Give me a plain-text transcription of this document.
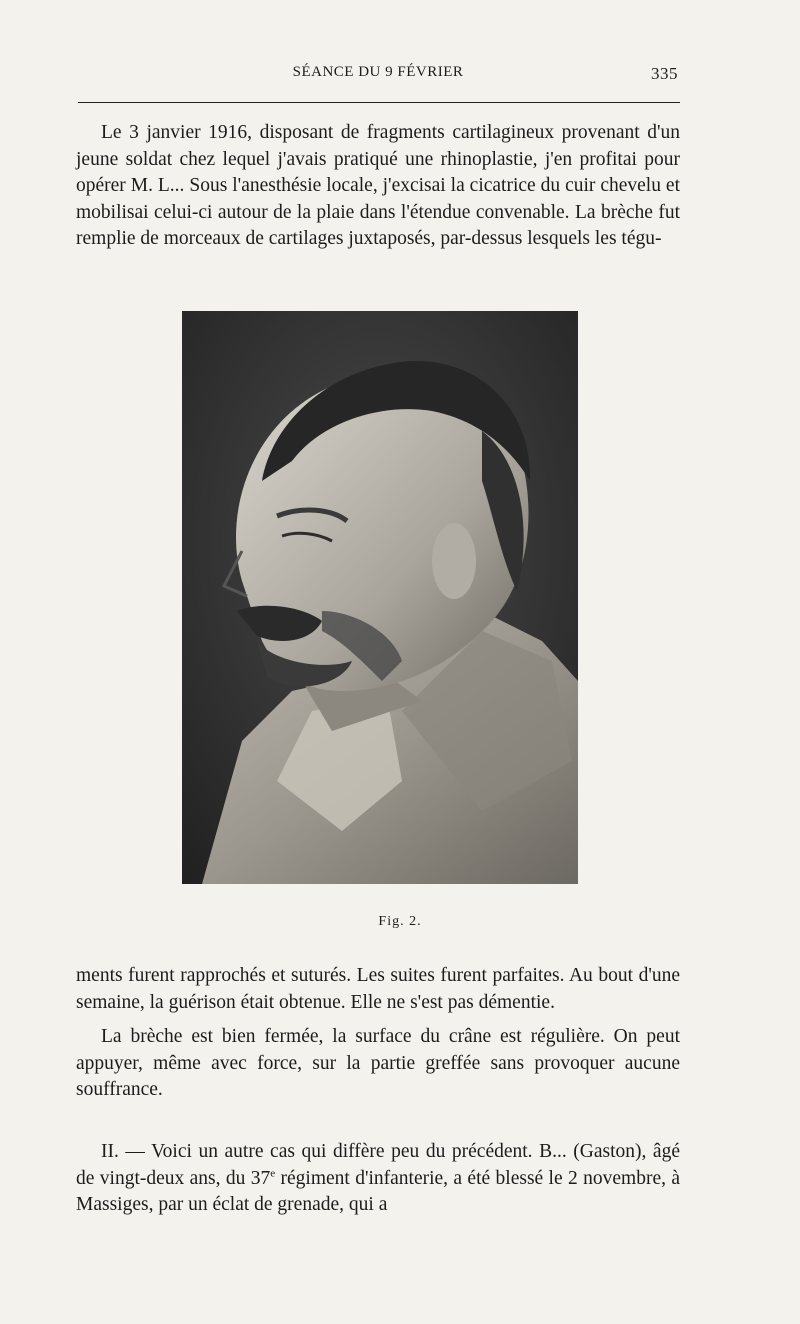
SÉANCE DU 9 FÉVRIER	335

Le 3 janvier 1916, disposant de fragments cartilagineux provenant d'un jeune soldat chez lequel j'avais pratiqué une rhinoplastie, j'en profitai pour opérer M. L... Sous l'anesthésie locale, j'excisai la cicatrice du cuir chevelu et mobilisai celui-ci autour de la plaie dans l'étendue convenable. La brèche fut remplie de morceaux de cartilages juxtaposés, par-dessus lesquels les tégu-

Fig. 2.

ments furent rapprochés et suturés. Les suites furent parfaites. Au bout d'une semaine, la guérison était obtenue. Elle ne s'est pas démentie.

La brèche est bien fermée, la surface du crâne est régulière. On peut appuyer, même avec force, sur la partie greffée sans provoquer aucune souffrance.

II. — Voici un autre cas qui diffère peu du précédent. B... (Gaston), âgé de vingt-deux ans, du 37e régiment d'infanterie, a été blessé le 2 novembre, à Massiges, par un éclat de grenade, qui a
